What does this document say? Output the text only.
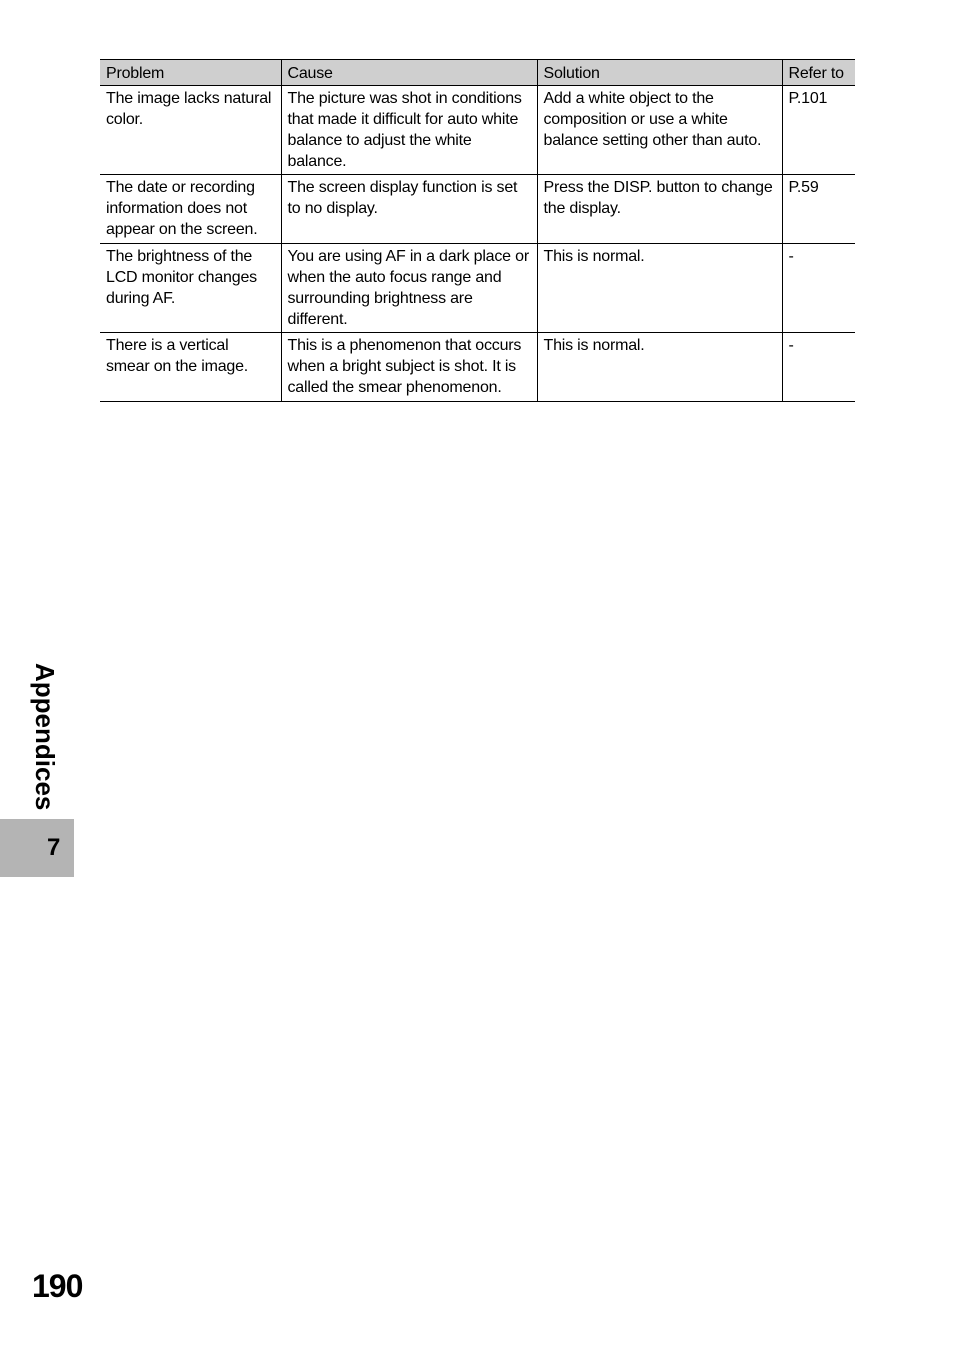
Problem	Cause	Solution	Refer to
The image lacks natural color.	The picture was shot in conditions that made it difficult for auto white balance to adjust the white balance.	Add a white object to the composition or use a white balance setting other than auto.	P.101
The date or recording information does not appear on the screen.	The screen display function is set to no display.	Press the DISP. button to change the display.	P.59
The brightness of the LCD monitor changes during AF.	You are using AF in a dark place or when the auto focus range and surrounding brightness are different.	This is normal.	-
There is a vertical smear on the image.	This is a phenomenon that occurs when a bright subject is shot. It is called the smear phenomenon.	This is normal.	-
Appendices
7
190
